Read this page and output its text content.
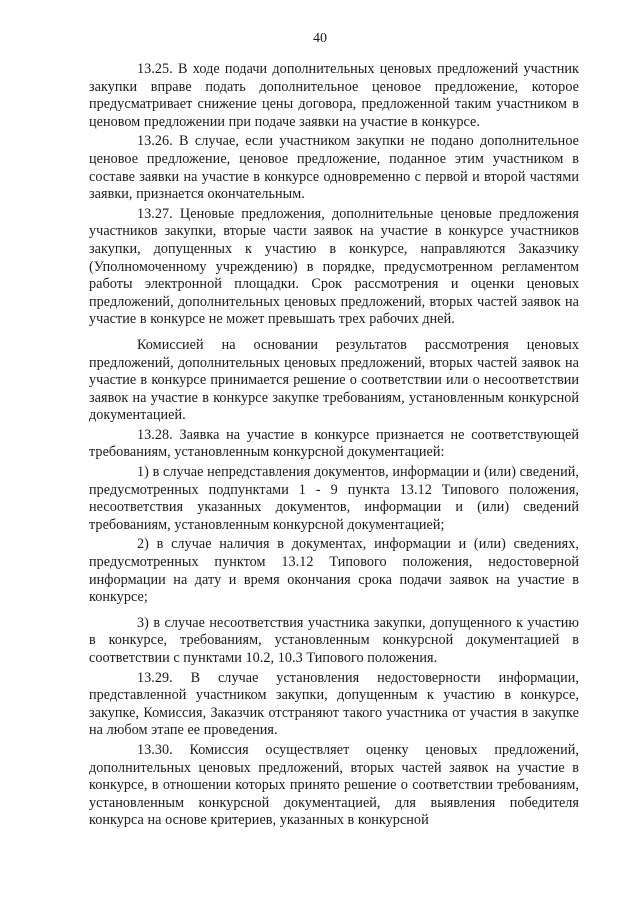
40

13.25. В ходе подачи дополнительных ценовых предложений участник закупки вправе подать дополнительное ценовое предложение, которое предусматривает снижение цены договора, предложенной таким участником в ценовом предложении при подаче заявки на участие в конкурсе.

13.26. В случае, если участником закупки не подано дополнительное ценовое предложение, ценовое предложение, поданное этим участником в составе заявки на участие в конкурсе одновременно с первой и второй частями заявки, признается окончательным.

13.27. Ценовые предложения, дополнительные ценовые предложения участников закупки, вторые части заявок на участие в конкурсе участников закупки, допущенных к участию в конкурсе, направляются Заказчику (Уполномоченному учреждению) в порядке, предусмотренном регламентом работы электронной площадки. Срок рассмотрения и оценки ценовых предложений, дополнительных ценовых предложений, вторых частей заявок на участие в конкурсе не может превышать трех рабочих дней.

Комиссией на основании результатов рассмотрения ценовых предложений, дополнительных ценовых предложений, вторых частей заявок на участие в конкурсе принимается решение о соответствии или о несоответствии заявок на участие в конкурсе закупке требованиям, установленным конкурсной документацией.

13.28. Заявка на участие в конкурсе признается не соответствующей требованиям, установленным конкурсной документацией:

1) в случае непредставления документов, информации и (или) сведений, предусмотренных подпунктами 1 - 9 пункта 13.12 Типового положения, несоответствия указанных документов, информации и (или) сведений требованиям, установленным конкурсной документацией;

2) в случае наличия в документах, информации и (или) сведениях, предусмотренных пунктом 13.12 Типового положения, недостоверной информации на дату и время окончания срока подачи заявок на участие в конкурсе;

3) в случае несоответствия участника закупки, допущенного к участию в конкурсе, требованиям, установленным конкурсной документацией в соответствии с пунктами 10.2, 10.3 Типового положения.

13.29. В случае установления недостоверности информации, представленной участником закупки, допущенным к участию в конкурсе, закупке, Комиссия, Заказчик отстраняют такого участника от участия в закупке на любом этапе ее проведения.

13.30. Комиссия осуществляет оценку ценовых предложений, дополнительных ценовых предложений, вторых частей заявок на участие в конкурсе, в отношении которых принято решение о соответствии требованиям, установленным конкурсной документацией, для выявления победителя конкурса на основе критериев, указанных в конкурсной
